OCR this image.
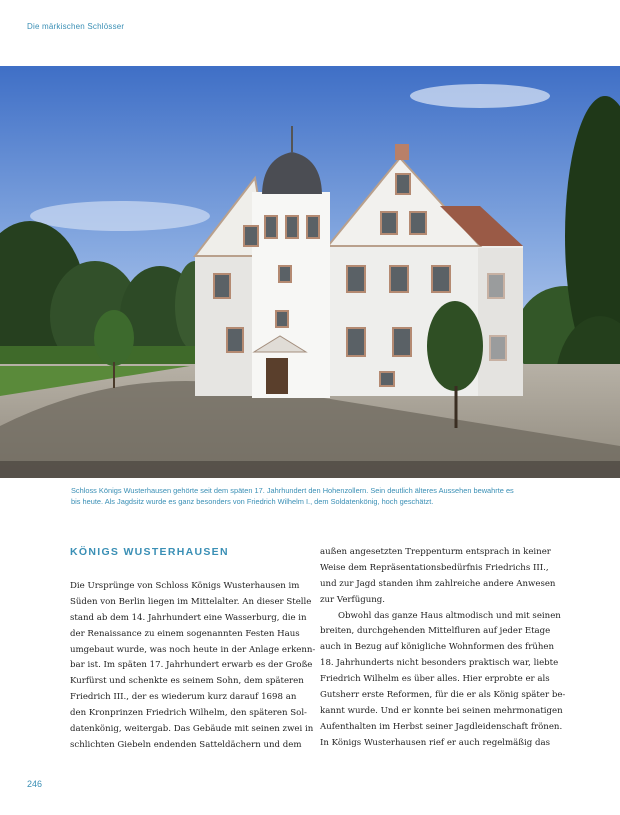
Die märkischen Schlösser
Schloss Königs Wusterhausen gehörte seit dem späten 17. Jahrhundert den Hohenzollern. Sein deutlich älteres Aussehen bewahrte es
bis heute. Als Jagdsitz wurde es ganz besonders von Friedrich Wilhelm I., dem Soldatenkönig, hoch geschätzt.
KÖNIGS WUSTERHAUSEN
Die Ursprünge von Schloss Königs Wusterhausen im
Süden von Berlin liegen im Mittelalter. An dieser Stelle
stand ab dem 14. Jahrhundert eine Wasserburg, die in
der Renaissance zu einem sogenannten Festen Haus
umgebaut wurde, was noch heute in der Anlage erkenn-
bar ist. Im späten 17. Jahrhundert erwarb es der Große
Kurfürst und schenkte es seinem Sohn, dem späteren
Friedrich III., der es wiederum kurz darauf 1698 an
den Kronprinzen Friedrich Wilhelm, den späteren Sol-
datenkönig, weitergab. Das Gebäude mit seinen zwei in
schlichten Giebeln endenden Satteldächern und dem
außen angesetzten Treppenturm entsprach in keiner
Weise dem Repräsentationsbedürfnis Friedrichs III.,
und zur Jagd standen ihm zahlreiche andere Anwesen
zur Verfügung.
Obwohl das ganze Haus altmodisch und mit seinen
breiten, durchgehenden Mittelfluren auf jeder Etage
auch in Bezug auf königliche Wohnformen des frühen
18. Jahrhunderts nicht besonders praktisch war, liebte
Friedrich Wilhelm es über alles. Hier erprobte er als
Gutsherr erste Reformen, für die er als König später be-
kannt wurde. Und er konnte bei seinen mehrmonatigen
Aufenthalten im Herbst seiner Jagdleidenschaft frönen.
In Königs Wusterhausen rief er auch regelmäßig das
246
